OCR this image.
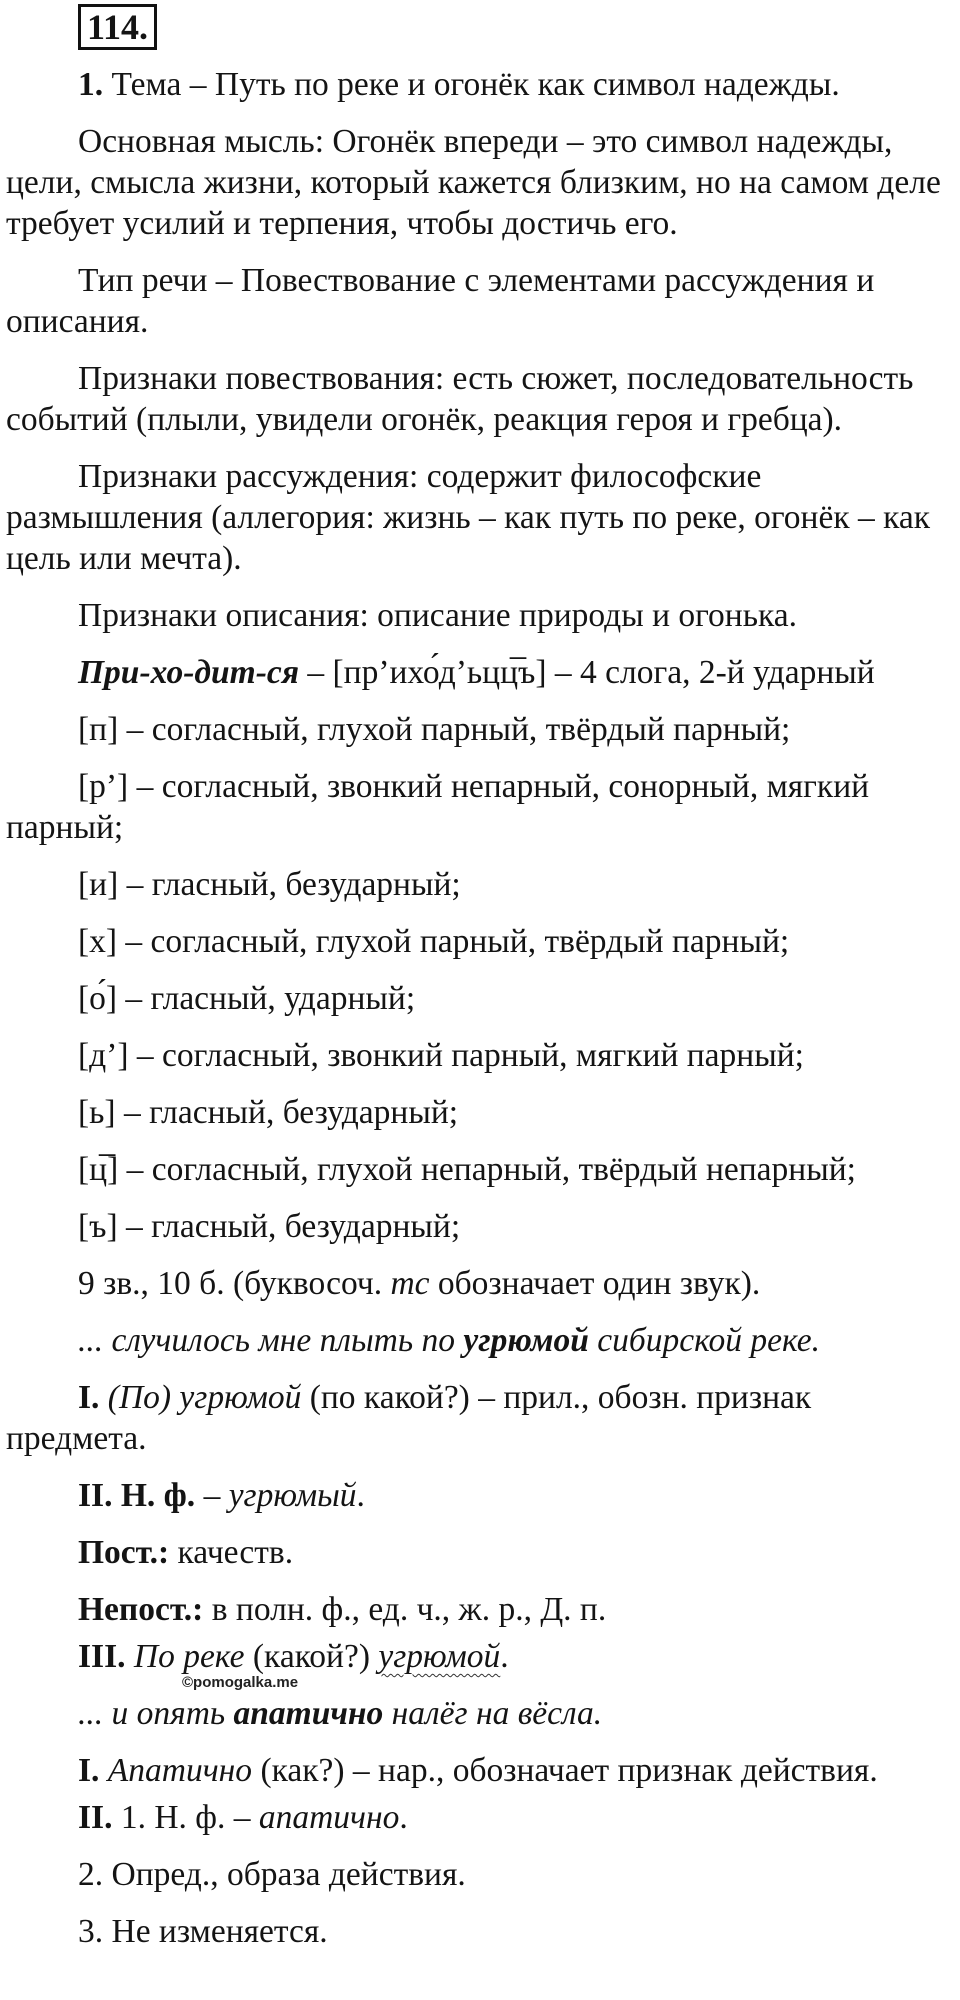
114.

1. Тема – Путь по реке и огонёк как символ надежды.

Основная мысль: Огонёк впереди – это символ надежды, цели, смысла жизни, который кажется близким, но на самом деле требует усилий и терпения, чтобы достичь его.

Тип речи – Повествование с элементами рассуждения и описания.

Признаки повествования: есть сюжет, последовательность событий (плыли, увидели огонёк, реакция героя и гребца).

Признаки рассуждения: содержит философские размышления (аллегория: жизнь – как путь по реке, огонёк – как цель или мечта).

Признаки описания: описание природы и огонька.

При-хо-дит-ся – [пр’ихо́д’ьцц̅ъ] – 4 слога, 2-й ударный

[п] – согласный, глухой парный, твёрдый парный;

[р’] – согласный, звонкий непарный, сонорный, мягкий парный;

[и] – гласный, безударный;

[х] – согласный, глухой парный, твёрдый парный;

[о́] – гласный, ударный;

[д’] – согласный, звонкий парный, мягкий парный;

[ь] – гласный, безударный;

[ц̅] – согласный, глухой непарный, твёрдый непарный;

[ъ] – гласный, безударный;

9 зв., 10 б. (буквосоч. тс обозначает один звук).

... случилось мне плыть по угрюмой сибирской реке.

I. (По) угрюмой (по какой?) – прил., обозн. признак предмета.

II. Н. ф. – угрюмый.

Пост.: качеств.

Непост.: в полн. ф., ед. ч., ж. р., Д. п.

III. По реке (какой?) угрюмой.

... и опять апатично налёг на вёсла.

I. Апатично (как?) – нар., обозначает признак действия.

II. 1. Н. ф. – апатично.

2. Опред., образа действия.

3. Не изменяется.

©pomogalka.me
